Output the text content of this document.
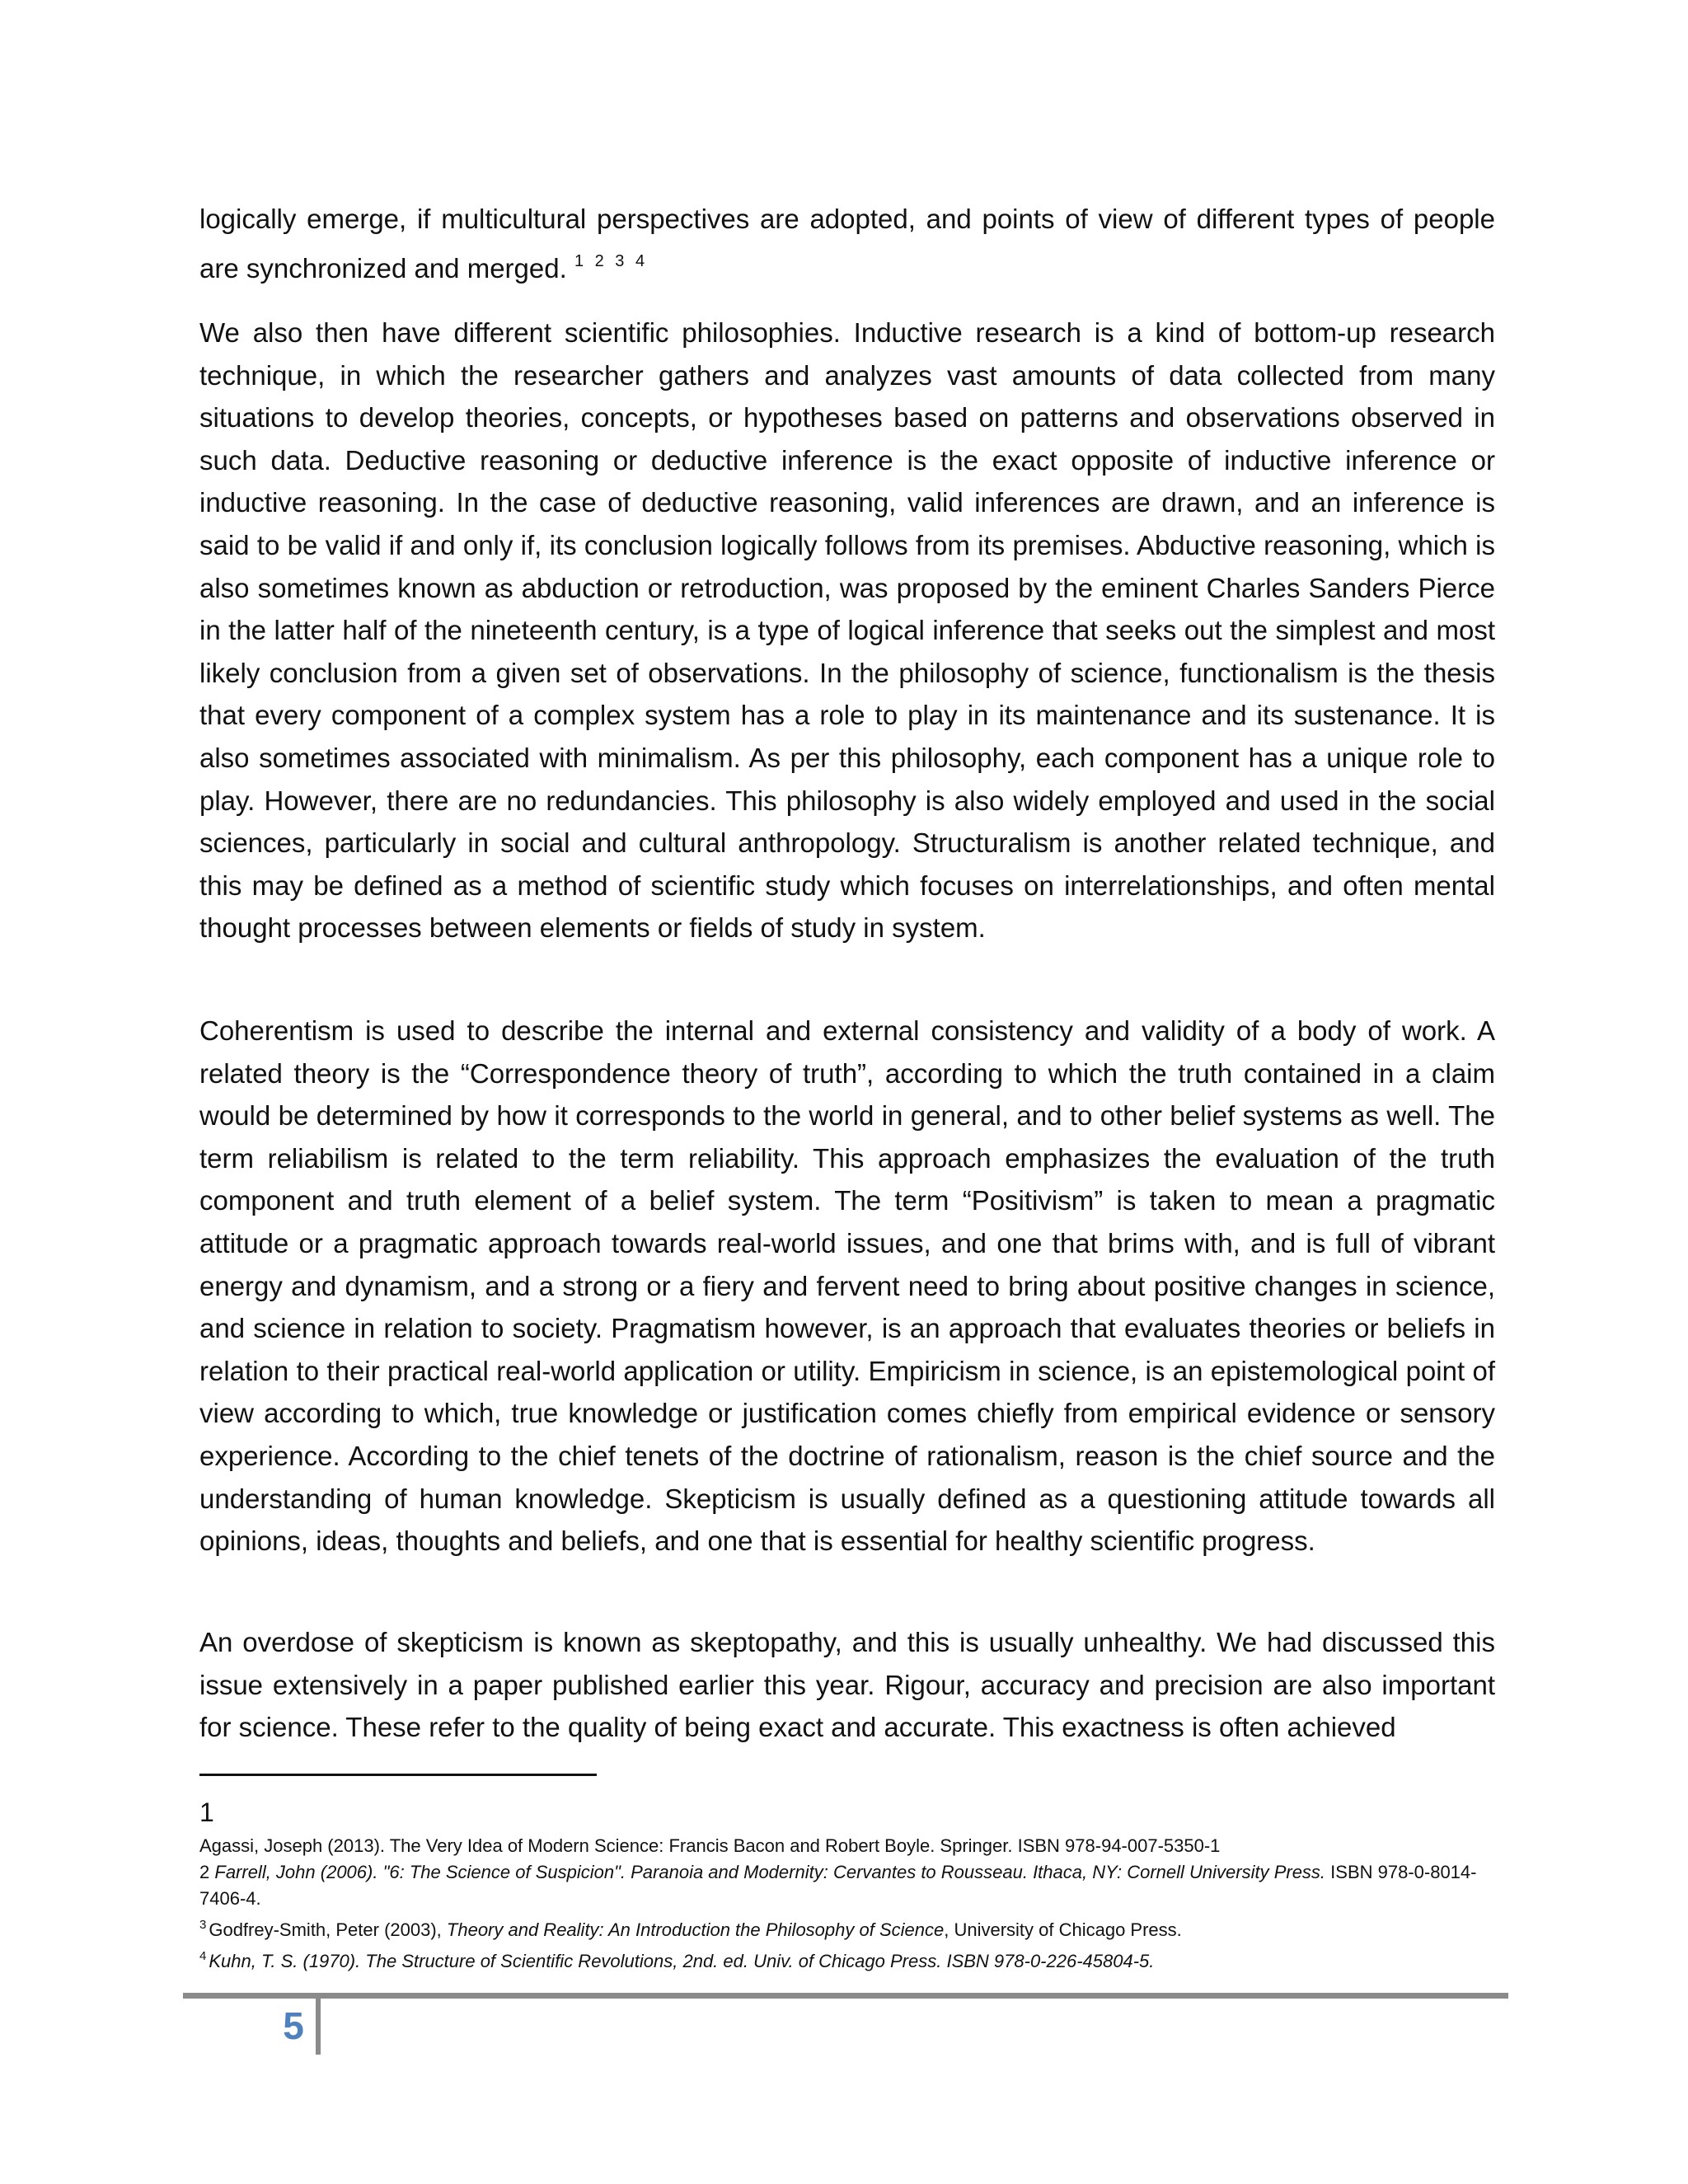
logically emerge, if multicultural perspectives are adopted, and points of view of different types of people are synchronized and merged. $^{1 2 3 4}$

We also then have different scientific philosophies. Inductive research is a kind of bottom-up research technique, in which the researcher gathers and analyzes vast amounts of data collected from many situations to develop theories, concepts, or hypotheses based on patterns and observations observed in such data. Deductive reasoning or deductive inference is the exact opposite of inductive inference or inductive reasoning. In the case of deductive reasoning, valid inferences are drawn, and an inference is said to be valid if and only if, its conclusion logically follows from its premises. Abductive reasoning, which is also sometimes known as abduction or retroduction, was proposed by the eminent Charles Sanders Pierce in the latter half of the nineteenth century, is a type of logical inference that seeks out the simplest and most likely conclusion from a given set of observations. In the philosophy of science, functionalism is the thesis that every component of a complex system has a role to play in its maintenance and its sustenance. It is also sometimes associated with minimalism. As per this philosophy, each component has a unique role to play. However, there are no redundancies. This philosophy is also widely employed and used in the social sciences, particularly in social and cultural anthropology. Structuralism is another related technique, and this may be defined as a method of scientific study which focuses on interrelationships, and often mental thought processes between elements or fields of study in system.

Coherentism is used to describe the internal and external consistency and validity of a body of work. A related theory is the “Correspondence theory of truth”, according to which the truth contained in a claim would be determined by how it corresponds to the world in general, and to other belief systems as well. The term reliabilism is related to the term reliability. This approach emphasizes the evaluation of the truth component and truth element of a belief system. The term “Positivism” is taken to mean a pragmatic attitude or a pragmatic approach towards real-world issues, and one that brims with, and is full of vibrant energy and dynamism, and a strong or a fiery and fervent need to bring about positive changes in science, and science in relation to society. Pragmatism however, is an approach that evaluates theories or beliefs in relation to their practical real-world application or utility. Empiricism in science, is an epistemological point of view according to which, true knowledge or justification comes chiefly from empirical evidence or sensory experience. According to the chief tenets of the doctrine of rationalism, reason is the chief source and the understanding of human knowledge. Skepticism is usually defined as a questioning attitude towards all opinions, ideas, thoughts and beliefs, and one that is essential for healthy scientific progress.

An overdose of skepticism is known as skeptopathy, and this is usually unhealthy. We had discussed this issue extensively in a paper published earlier this year. Rigour, accuracy and precision are also important for science. These refer to the quality of being exact and accurate. This exactness is often achieved

1
Agassi, Joseph (2013). The Very Idea of Modern Science: Francis Bacon and Robert Boyle. Springer. ISBN 978-94-007-5350-1
2 Farrell, John (2006). "6: The Science of Suspicion". Paranoia and Modernity: Cervantes to Rousseau. Ithaca, NY: Cornell University Press. ISBN 978-0-8014-7406-4.
$^3$ Godfrey-Smith, Peter (2003), Theory and Reality: An Introduction the Philosophy of Science, University of Chicago Press.
$^4$ Kuhn, T. S. (1970). The Structure of Scientific Revolutions, 2nd. ed. Univ. of Chicago Press. ISBN 978-0-226-45804-5.
5
